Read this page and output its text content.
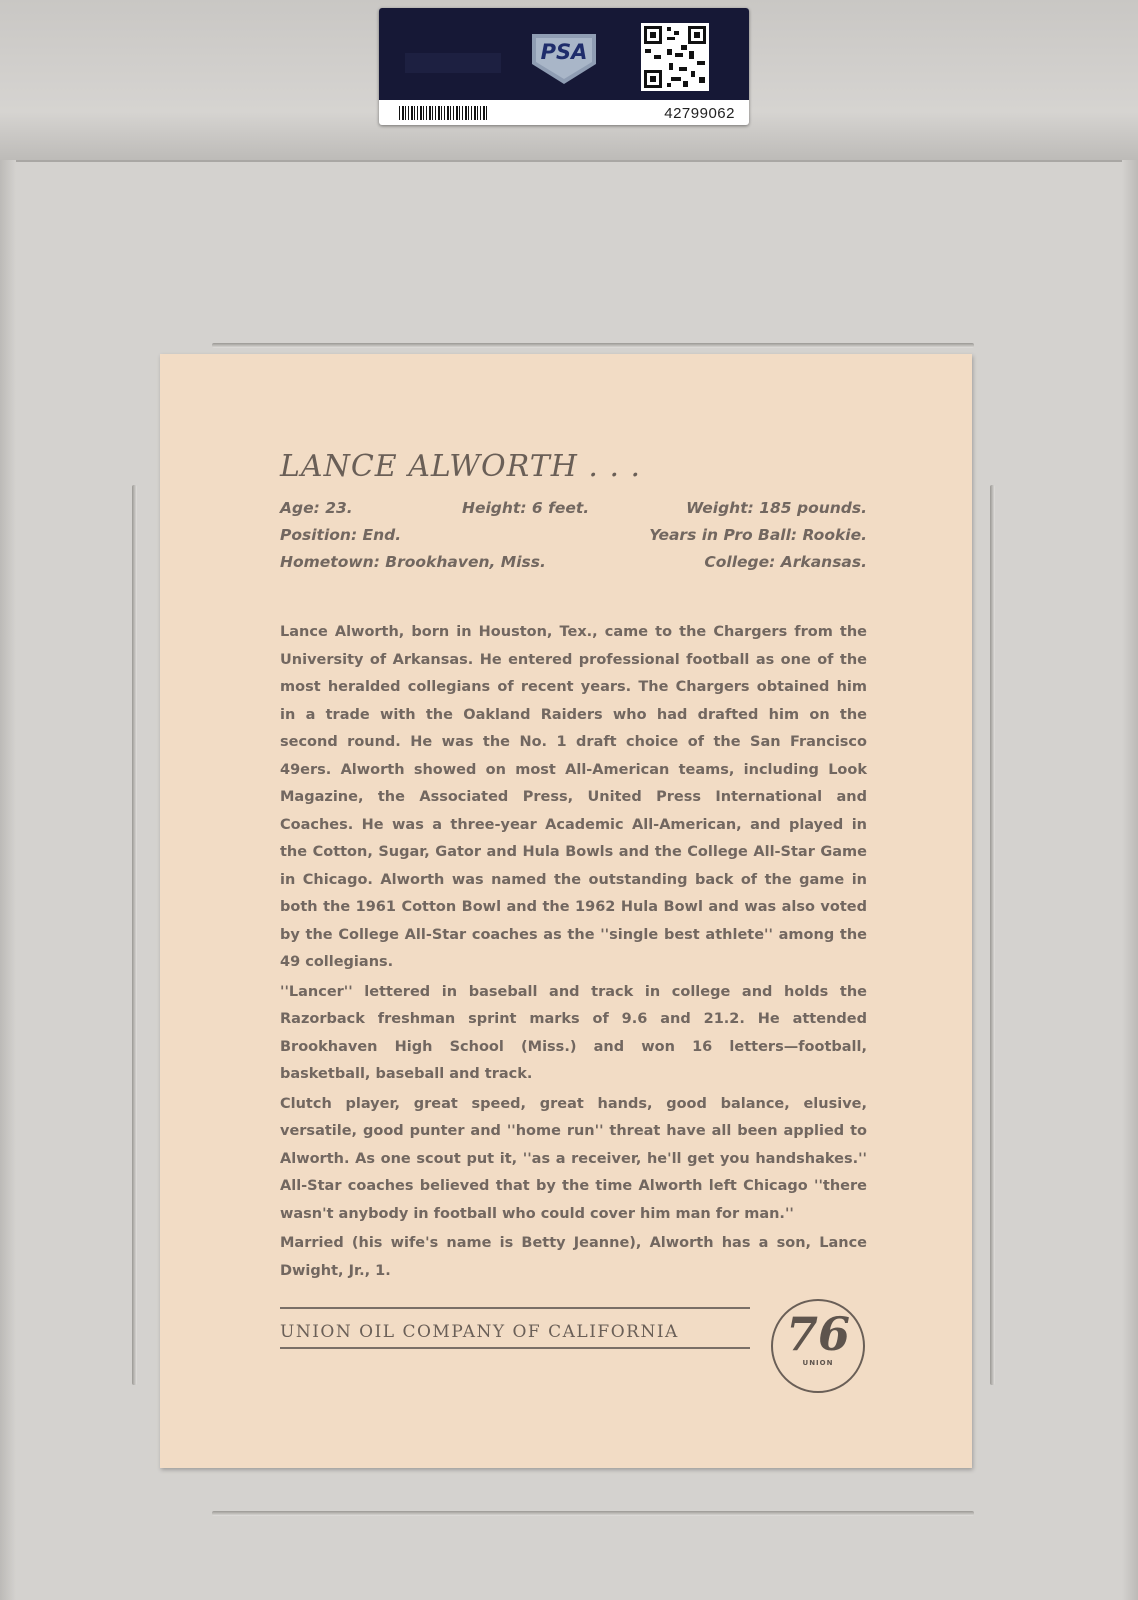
PSA
42799062
LANCE ALWORTH . . .
Age: 23.	Height: 6 feet.	Weight: 185 pounds.
Position: End.	Years in Pro Ball: Rookie.
Hometown: Brookhaven, Miss.	College: Arkansas.

Lance Alworth, born in Houston, Tex., came to the Chargers from the University of Arkansas. He entered professional football as one of the most heralded collegians of recent years. The Chargers obtained him in a trade with the Oakland Raiders who had drafted him on the second round. He was the No. 1 draft choice of the San Francisco 49ers. Alworth showed on most All-American teams, including Look Magazine, the Associated Press, United Press International and Coaches. He was a three-year Academic All-American, and played in the Cotton, Sugar, Gator and Hula Bowls and the College All-Star Game in Chicago. Alworth was named the outstanding back of the game in both the 1961 Cotton Bowl and the 1962 Hula Bowl and was also voted by the College All-Star coaches as the ''single best athlete'' among the 49 collegians.

''Lancer'' lettered in baseball and track in college and holds the Razorback freshman sprint marks of 9.6 and 21.2. He attended Brookhaven High School (Miss.) and won 16 letters—football, basketball, baseball and track.

Clutch player, great speed, great hands, good balance, elusive, versatile, good punter and ''home run'' threat have all been applied to Alworth. As one scout put it, ''as a receiver, he'll get you handshakes.'' All-Star coaches believed that by the time Alworth left Chicago ''there wasn't anybody in football who could cover him man for man.''

Married (his wife's name is Betty Jeanne), Alworth has a son, Lance Dwight, Jr., 1.

UNION OIL COMPANY OF CALIFORNIA 76
UNION
